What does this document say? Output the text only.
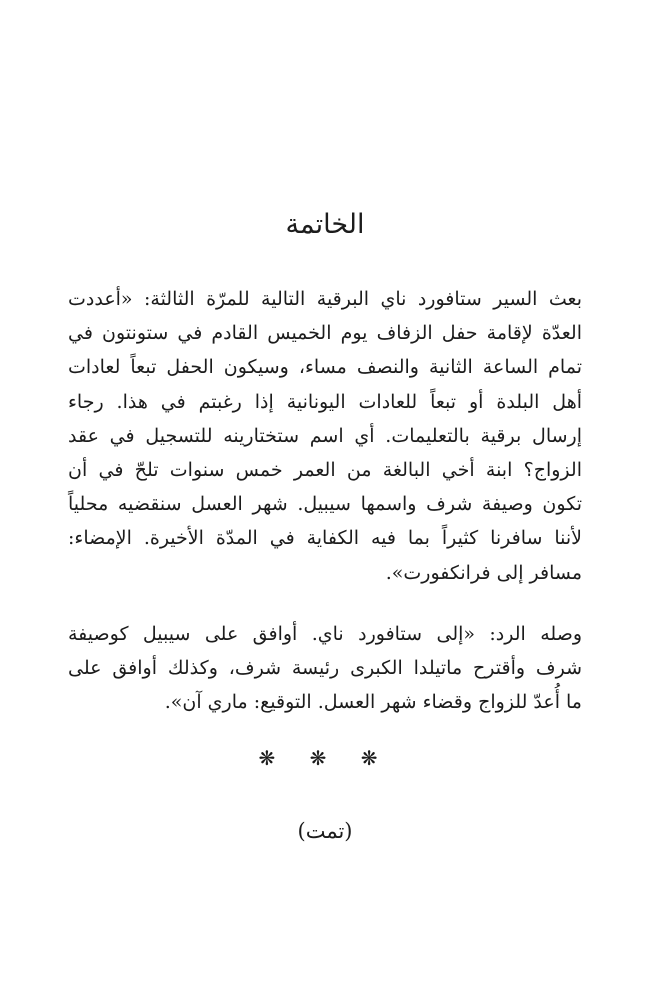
الخاتمة
بعث السير ستافورد ناي البرقية التالية للمرّة الثالثة: «أعددت
العدّة لإقامة حفل الزفاف يوم الخميس القادم في ستونتون في
تمام الساعة الثانية والنصف مساء، وسيكون الحفل تبعاً لعادات
أهل البلدة أو تبعاً للعادات اليونانية إذا رغبتم في هذا. رجاء
إرسال برقية بالتعليمات. أي اسم ستختارينه للتسجيل في عقد
الزواج؟ ابنة أخي البالغة من العمر خمس سنوات تلحّ في أن
تكون وصيفة شرف واسمها سيبيل. شهر العسل سنقضيه محلياً
لأننا سافرنا كثيراً بما فيه الكفاية في المدّة الأخيرة. الإمضاء:
مسافر إلى فرانكفورت».
وصله الرد: «إلى ستافورد ناي. أوافق على سيبيل كوصيفة
شرف وأقترح ماتيلدا الكبرى رئيسة شرف، وكذلك أوافق على
ما أُعدّ للزواج وقضاء شهر العسل. التوقيع: ماري آن».
❋ ❋ ❋
(تمت)
